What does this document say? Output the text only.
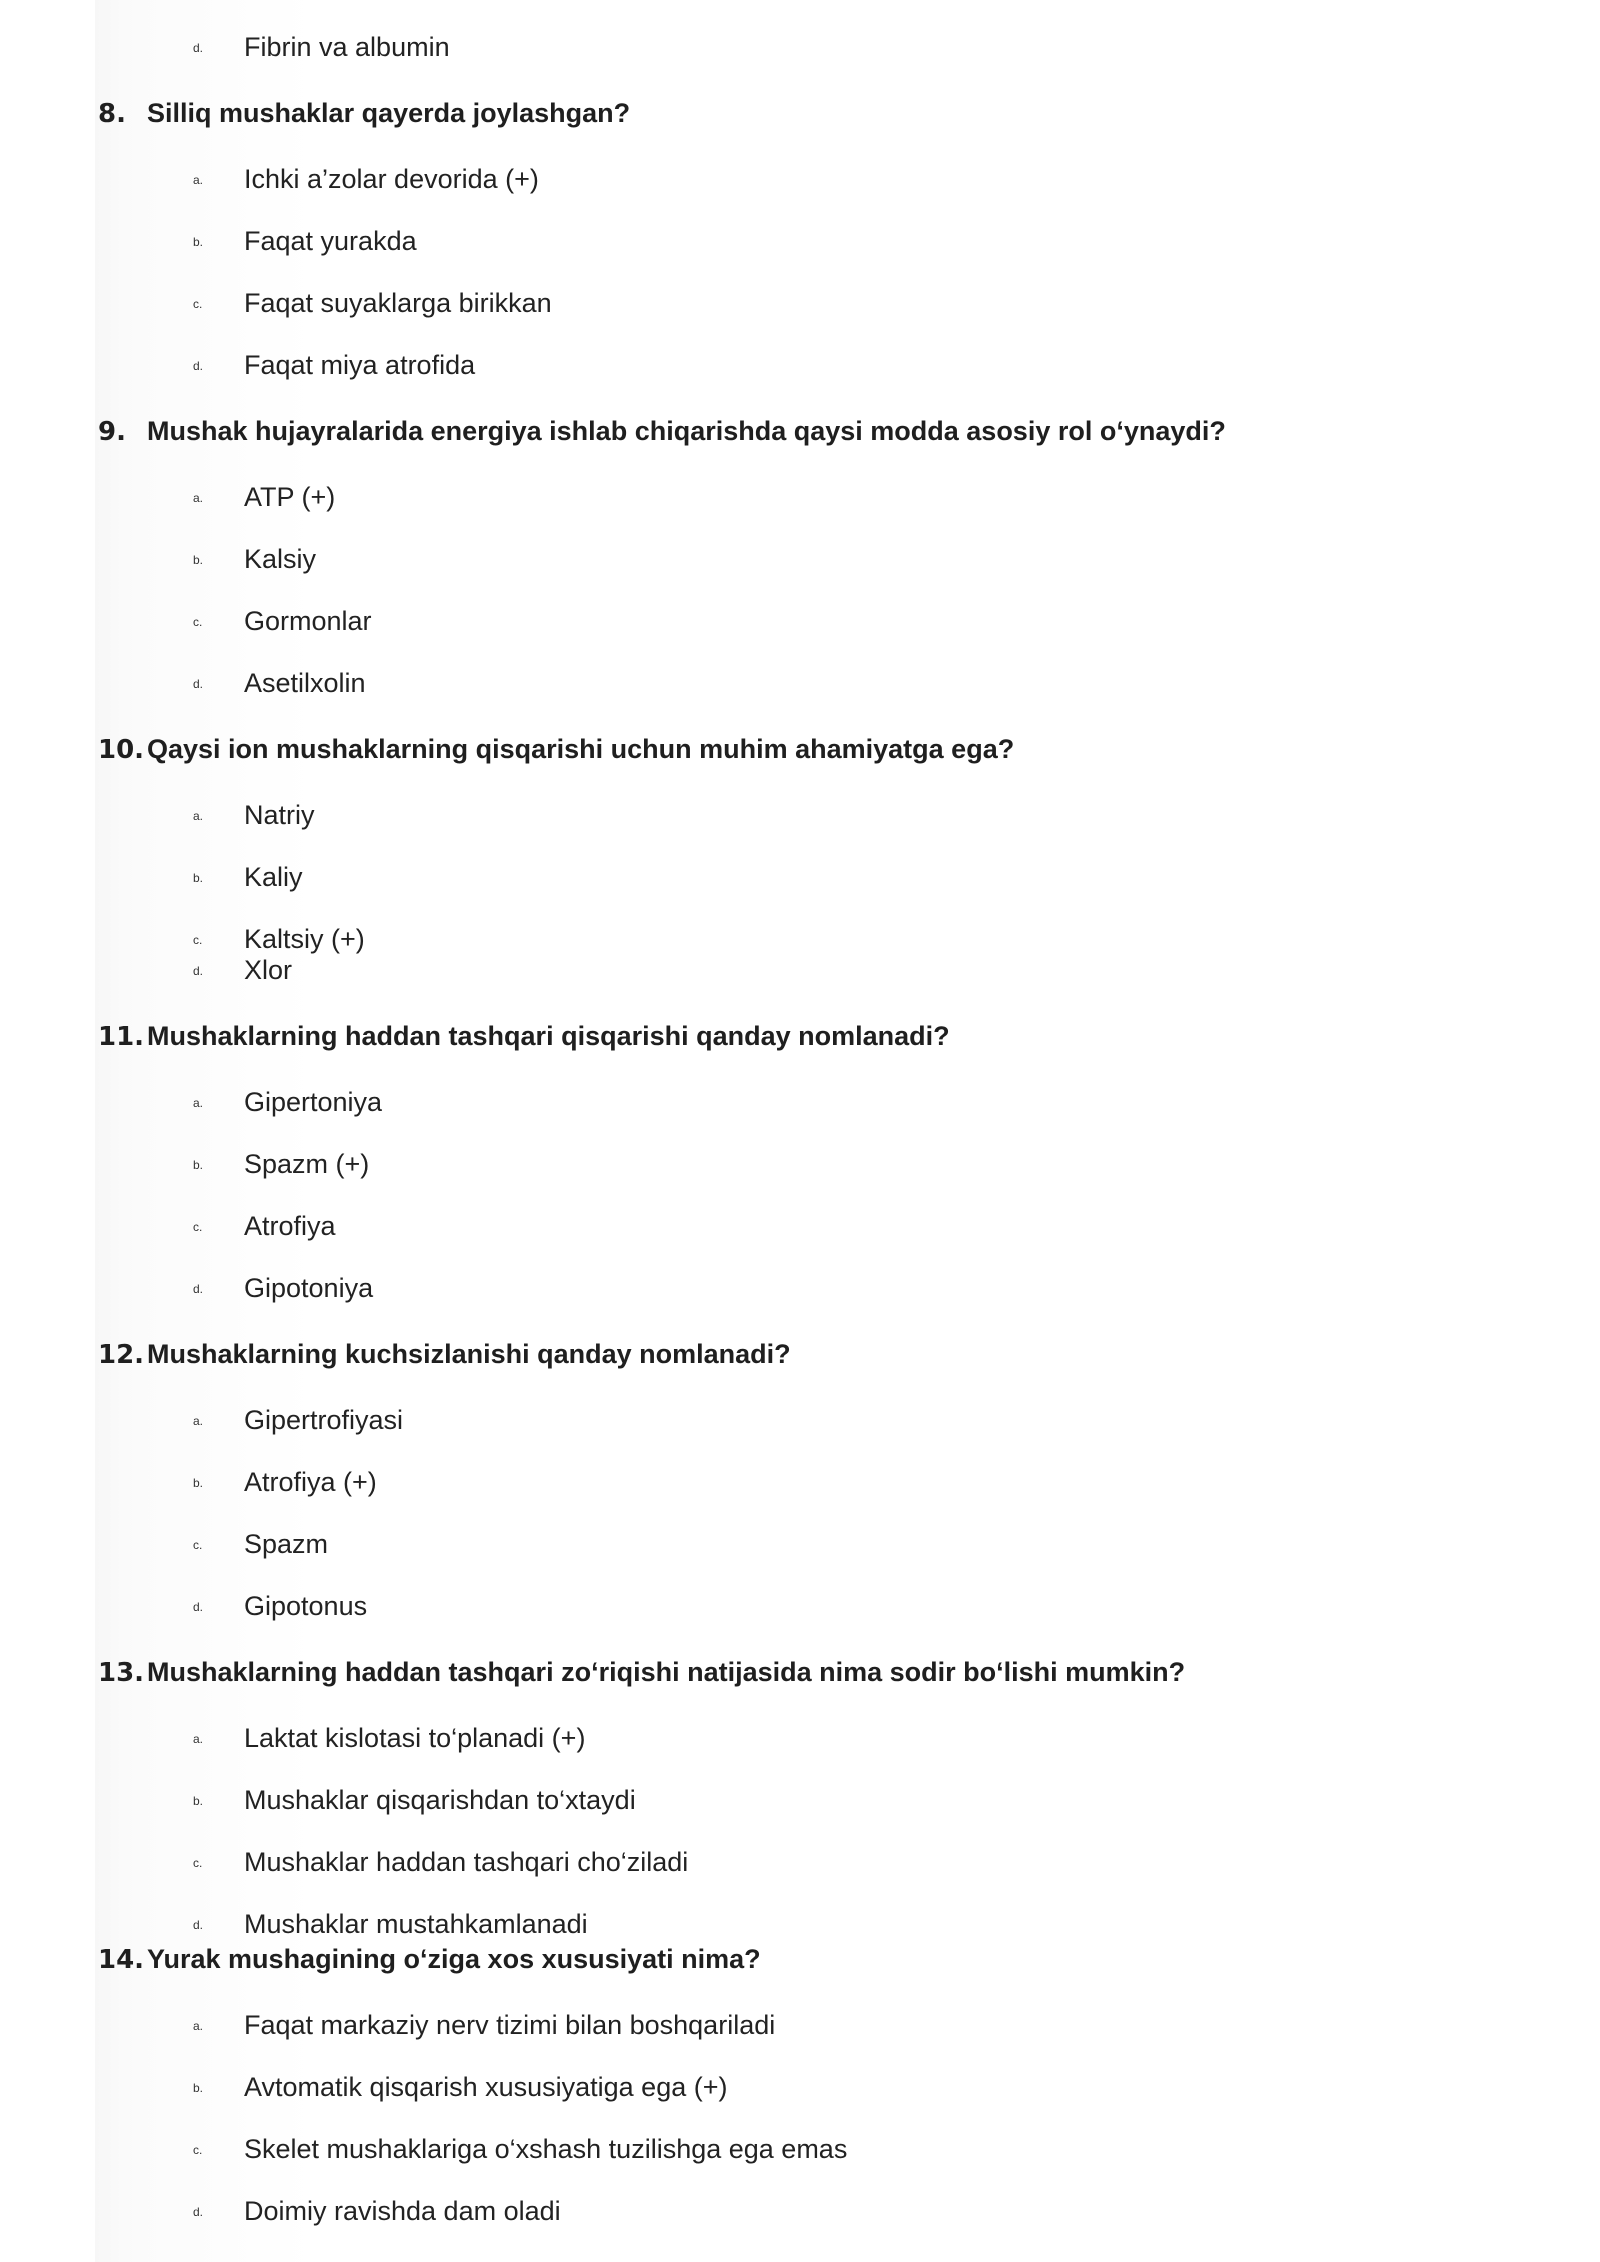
d. Fibrin va albumin
8. Silliq mushaklar qayerda joylashgan?
a. Ichki a’zolar devorida (+)
b. Faqat yurakda
c. Faqat suyaklarga birikkan
d. Faqat miya atrofida
9. Mushak hujayralarida energiya ishlab chiqarishda qaysi modda asosiy rol o‘ynaydi?
a. ATP (+)
b. Kalsiy
c. Gormonlar
d. Asetilxolin
10. Qaysi ion mushaklarning qisqarishi uchun muhim ahamiyatga ega?
a. Natriy
b. Kaliy
c. Kaltsiy (+)
d. Xlor
11. Mushaklarning haddan tashqari qisqarishi qanday nomlanadi?
a. Gipertoniya
b. Spazm (+)
c. Atrofiya
d. Gipotoniya
12. Mushaklarning kuchsizlanishi qanday nomlanadi?
a. Gipertrofiyasi
b. Atrofiya (+)
c. Spazm
d. Gipotonus
13. Mushaklarning haddan tashqari zo‘riqishi natijasida nima sodir bo‘lishi mumkin?
a. Laktat kislotasi to‘planadi (+)
b. Mushaklar qisqarishdan to‘xtaydi
c. Mushaklar haddan tashqari cho‘ziladi
d. Mushaklar mustahkamlanadi
14. Yurak mushagining o‘ziga xos xususiyati nima?
a. Faqat markaziy nerv tizimi bilan boshqariladi
b. Avtomatik qisqarish xususiyatiga ega (+)
c. Skelet mushaklariga o‘xshash tuzilishga ega emas
d. Doimiy ravishda dam oladi
